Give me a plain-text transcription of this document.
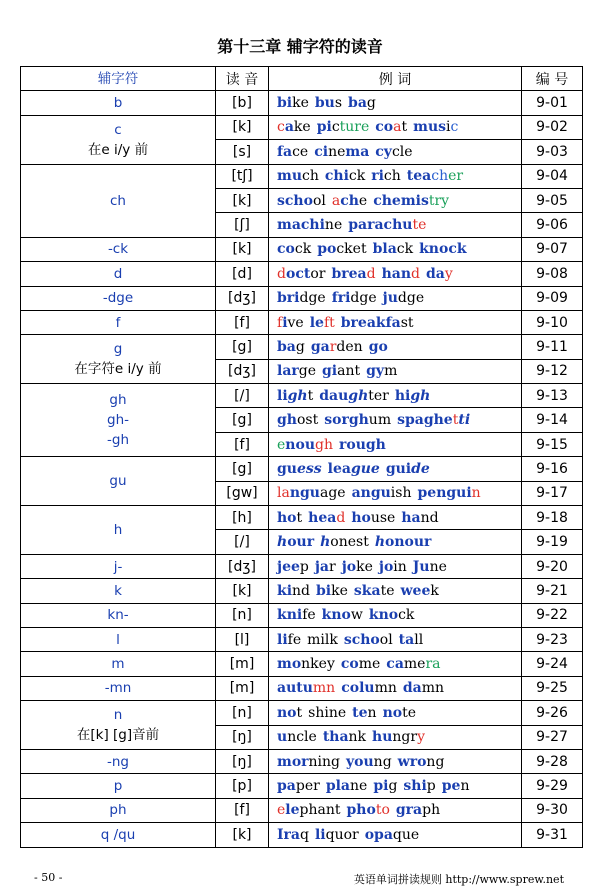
第十三章 辅字符的读音
辅字符	读 音	例 词	编 号

b	[b]	bike bus bag	9-01

c
在e i/y 前	[k]	cake picture coat music	9-02
	[s]	face cinema cycle	9-03

ch	[tʃ]	much chick rich teacher	9-04
	[k]	school ache chemistry	9-05
	[ʃ]	machine parachute	9-06

-ck	[k]	cock pocket black knock	9-07

d	[d]	doctor bread hand day	9-08

-dge	[dʒ]	bridge fridge judge	9-09

f	[f]	five left breakfast	9-10

g
在字符e i/y 前	[g]	bag garden go	9-11
	[dʒ]	large giant gym	9-12

gh
gh-
-gh	[/]	light daughter high	9-13
	[g]	ghost sorghum spaghetti	9-14
	[f]	enough rough	9-15

gu	[g]	guess league guide	9-16
	[gw]	language anguish penguin	9-17

h	[h]	hot head house hand	9-18
	[/]	hour honest honour	9-19

j-	[dʒ]	jeep jar joke join June	9-20

k	[k]	kind bike skate week	9-21

kn-	[n]	knife know knock	9-22

l	[l]	life milk school tall	9-23

m	[m]	monkey come camera	9-24

-mn	[m]	autumn column damn	9-25

n
在[k] [g]音前	[n]	not shine ten note	9-26
	[ŋ]	uncle thank hungry	9-27

-ng	[ŋ]	morning young wrong	9-28

p	[p]	paper plane pig ship pen	9-29

ph	[f]	elephant photo graph	9-30

q /qu	[k]	Iraq liquor opaque	9-31
- 50 -	英语单词拼读规则 http://www.sprew.net
